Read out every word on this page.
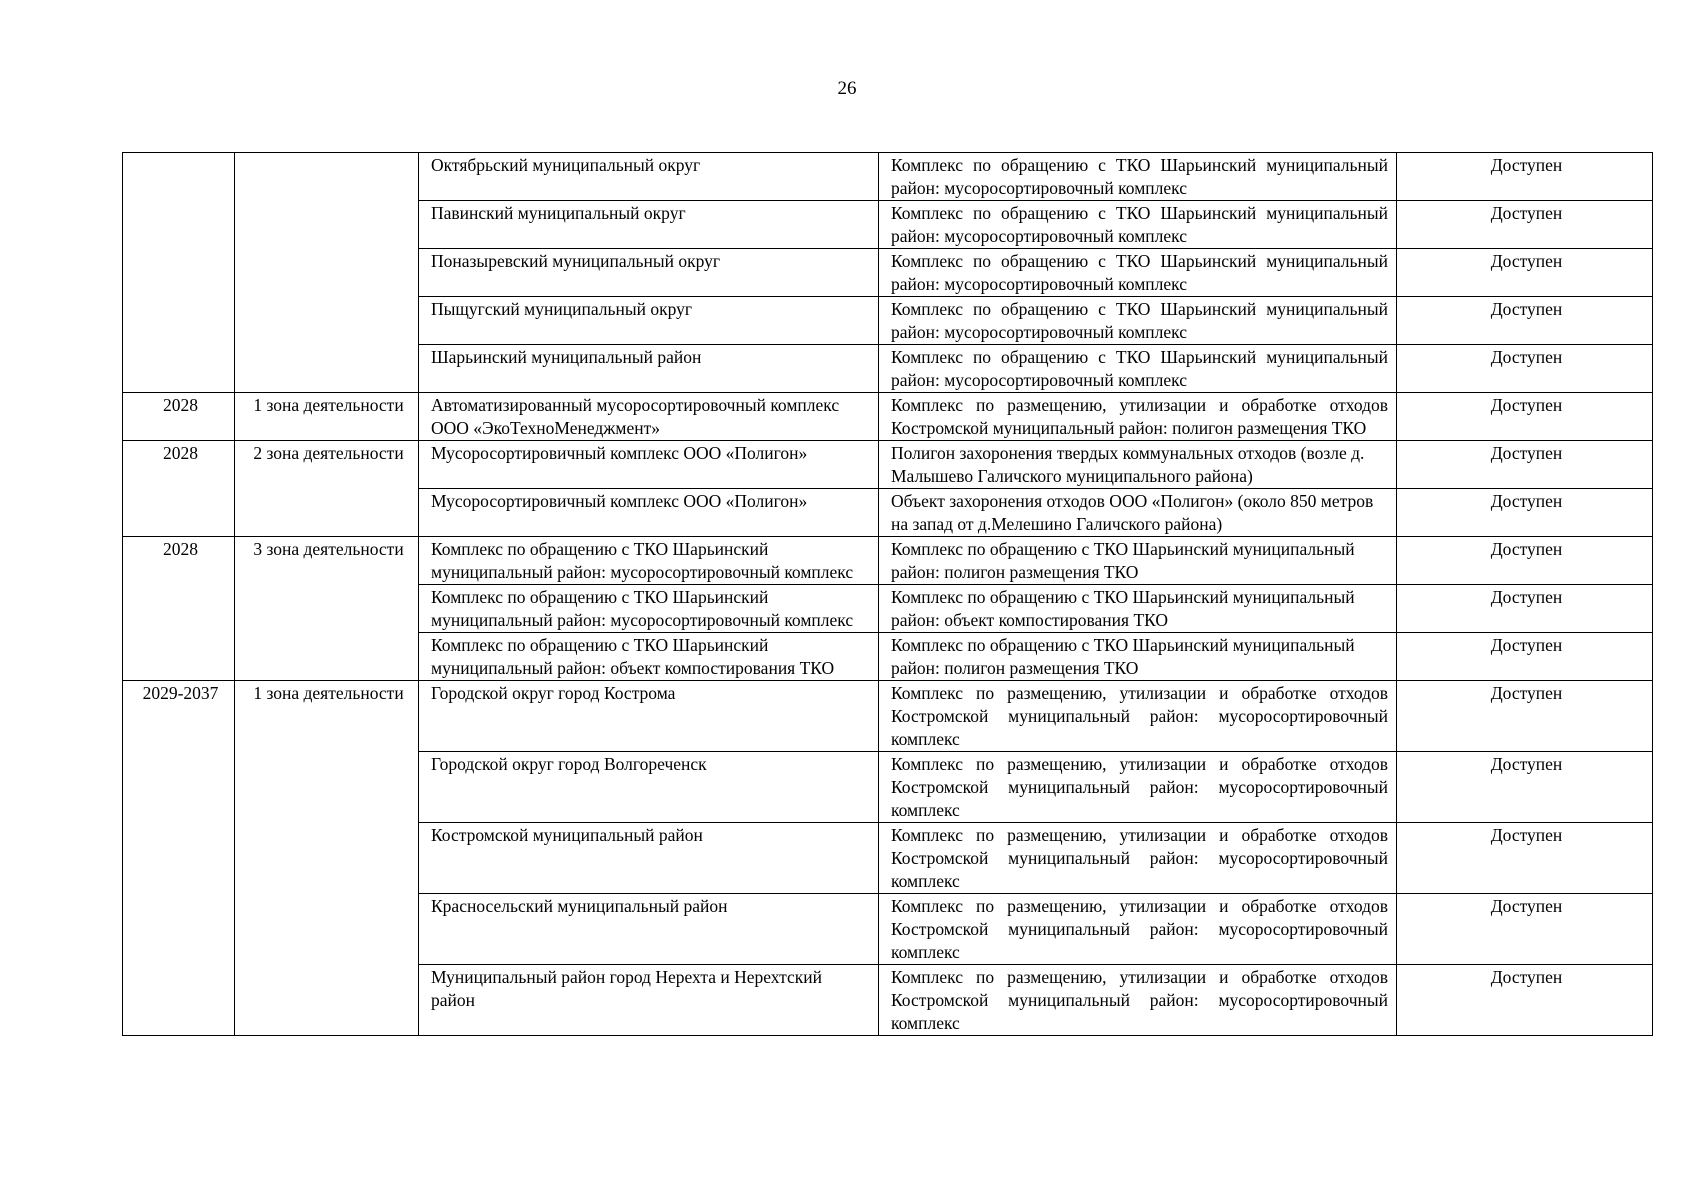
26
		Октябрьский муниципальный округ	Комплекс по обращению с ТКО Шарьинский муниципальный район: мусоросортировочный комплекс	Доступен
		Павинский муниципальный округ	Комплекс по обращению с ТКО Шарьинский муниципальный район: мусоросортировочный комплекс	Доступен
		Поназыревский муниципальный округ	Комплекс по обращению с ТКО Шарьинский муниципальный район: мусоросортировочный комплекс	Доступен
		Пыщугский муниципальный округ	Комплекс по обращению с ТКО Шарьинский муниципальный район: мусоросортировочный комплекс	Доступен
		Шарьинский муниципальный район	Комплекс по обращению с ТКО Шарьинский муниципальный район: мусоросортировочный комплекс	Доступен
2028	1 зона деятельности	Автоматизированный мусоросортировочный комплекс ООО «ЭкоТехноМенеджмент»	Комплекс по размещению, утилизации и обработке отходов Костромской муниципальный район: полигон размещения ТКО	Доступен
2028	2 зона деятельности	Мусоросортировичный комплекс ООО «Полигон»	Полигон захоронения твердых коммунальных отходов (возле д. Малышево Галичского муниципального района)	Доступен
		Мусоросортировичный комплекс ООО «Полигон»	Объект захоронения отходов ООО «Полигон» (около 850 метров на запад от д.Мелешино Галичского района)	Доступен
2028	3 зона деятельности	Комплекс по обращению с ТКО Шарьинский муниципальный район: мусоросортировочный комплекс	Комплекс по обращению с ТКО Шарьинский муниципальный район: полигон размещения ТКО	Доступен
		Комплекс по обращению с ТКО Шарьинский муниципальный район: мусоросортировочный комплекс	Комплекс по обращению с ТКО Шарьинский муниципальный район: объект компостирования ТКО	Доступен
		Комплекс по обращению с ТКО Шарьинский муниципальный район: объект компостирования ТКО	Комплекс по обращению с ТКО Шарьинский муниципальный район: полигон размещения ТКО	Доступен
2029-2037	1 зона деятельности	Городской округ город Кострома	Комплекс по размещению, утилизации и обработке отходов Костромской муниципальный район: мусоросортировочный комплекс	Доступен
		Городской округ город Волгореченск	Комплекс по размещению, утилизации и обработке отходов Костромской муниципальный район: мусоросортировочный комплекс	Доступен
		Костромской муниципальный район	Комплекс по размещению, утилизации и обработке отходов Костромской муниципальный район: мусоросортировочный комплекс	Доступен
		Красносельский муниципальный район	Комплекс по размещению, утилизации и обработке отходов Костромской муниципальный район: мусоросортировочный комплекс	Доступен
		Муниципальный район город Нерехта и Нерехтский район	Комплекс по размещению, утилизации и обработке отходов Костромской муниципальный район: мусоросортировочный комплекс	Доступен
